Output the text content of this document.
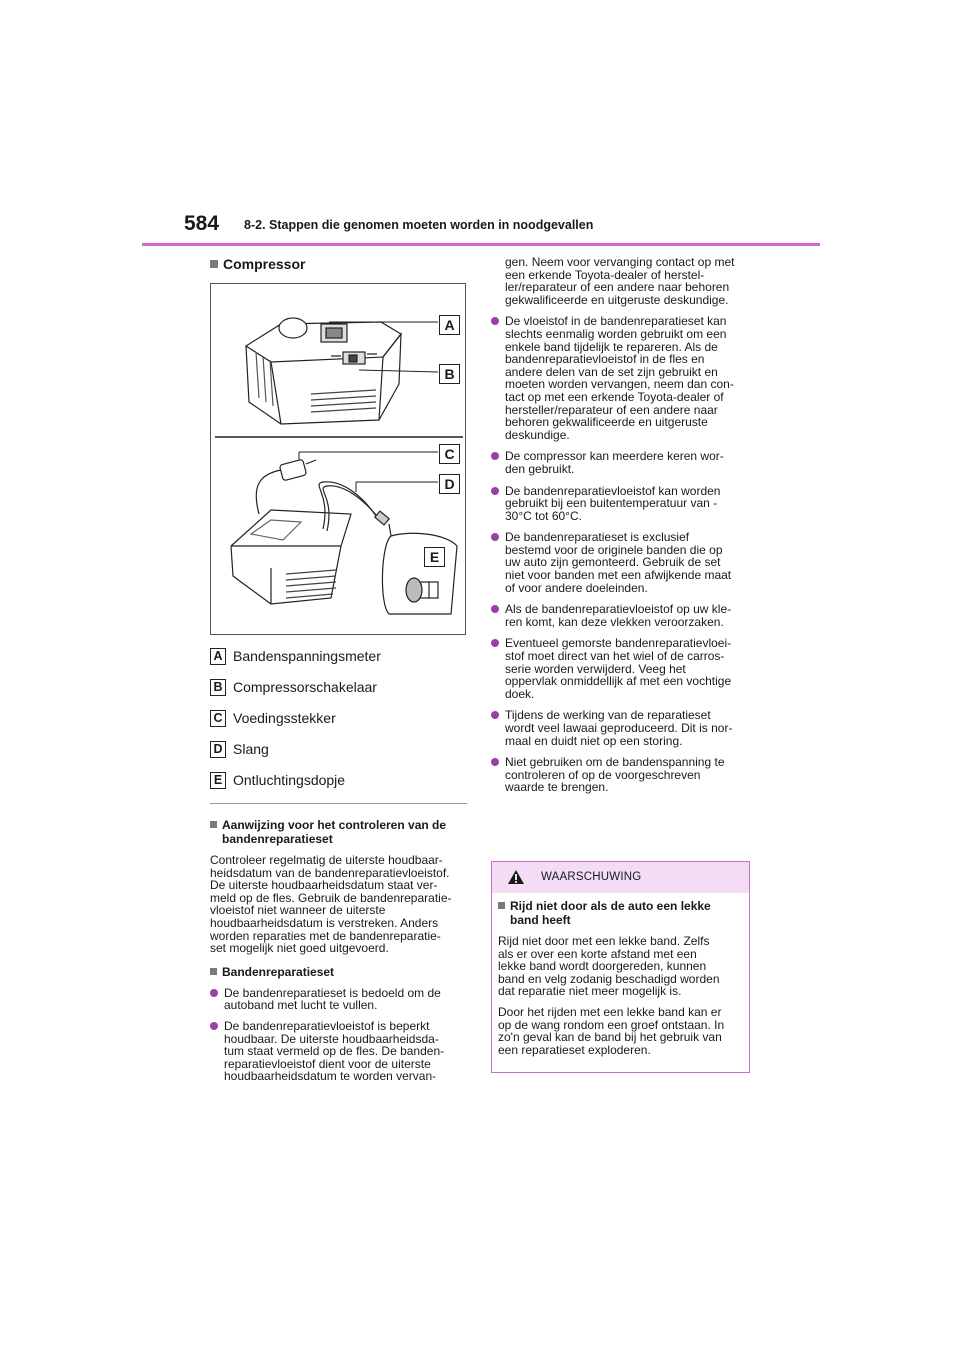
584 8-2. Stappen die genomen moeten worden in noodgevallen
Compressor
A
B
C
D
E
A Bandenspanningsmeter
B Compressorschakelaar
C Voedingsstekker
D Slang
E Ontluchtingsdopje
Aanwijzing voor het controleren van de
bandenreparatieset
Controleer regelmatig de uiterste houdbaar-
heidsdatum van de bandenreparatievloeistof.
De uiterste houdbaarheidsdatum staat ver-
meld op de fles. Gebruik de bandenreparatie-
vloeistof niet wanneer de uiterste
houdbaarheidsdatum is verstreken. Anders
worden reparaties met de bandenreparatie-
set mogelijk niet goed uitgevoerd.
Bandenreparatieset
De bandenreparatieset is bedoeld om de
autoband met lucht te vullen.
De bandenreparatievloeistof is beperkt
houdbaar. De uiterste houdbaarheidsda-
tum staat vermeld op de fles. De banden-
reparatievloeistof dient voor de uiterste
houdbaarheidsdatum te worden vervan-
gen. Neem voor vervanging contact op met
een erkende Toyota-dealer of herstel-
ler/reparateur of een andere naar behoren
gekwalificeerde en uitgeruste deskundige.
De vloeistof in de bandenreparatieset kan
slechts eenmalig worden gebruikt om een
enkele band tijdelijk te repareren. Als de
bandenreparatievloeistof in de fles en
andere delen van de set zijn gebruikt en
moeten worden vervangen, neem dan con-
tact op met een erkende Toyota-dealer of
hersteller/reparateur of een andere naar
behoren gekwalificeerde en uitgeruste
deskundige.
De compressor kan meerdere keren wor-
den gebruikt.
De bandenreparatievloeistof kan worden
gebruikt bij een buitentemperatuur van -
30°C tot 60°C.
De bandenreparatieset is exclusief
bestemd voor de originele banden die op
uw auto zijn gemonteerd. Gebruik de set
niet voor banden met een afwijkende maat
of voor andere doeleinden.
Als de bandenreparatievloeistof op uw kle-
ren komt, kan deze vlekken veroorzaken.
Eventueel gemorste bandenreparatievloei-
stof moet direct van het wiel of de carros-
serie worden verwijderd. Veeg het
oppervlak onmiddellijk af met een vochtige
doek.
Tijdens de werking van de reparatieset
wordt veel lawaai geproduceerd. Dit is nor-
maal en duidt niet op een storing.
Niet gebruiken om de bandenspanning te
controleren of op de voorgeschreven
waarde te brengen.
WAARSCHUWING
Rijd niet door als de auto een lekke
band heeft
Rijd niet door met een lekke band. Zelfs
als er over een korte afstand met een
lekke band wordt doorgereden, kunnen
band en velg zodanig beschadigd worden
dat reparatie niet meer mogelijk is.
Door het rijden met een lekke band kan er
op de wang rondom een groef ontstaan. In
zo'n geval kan de band bij het gebruik van
een reparatieset exploderen.
